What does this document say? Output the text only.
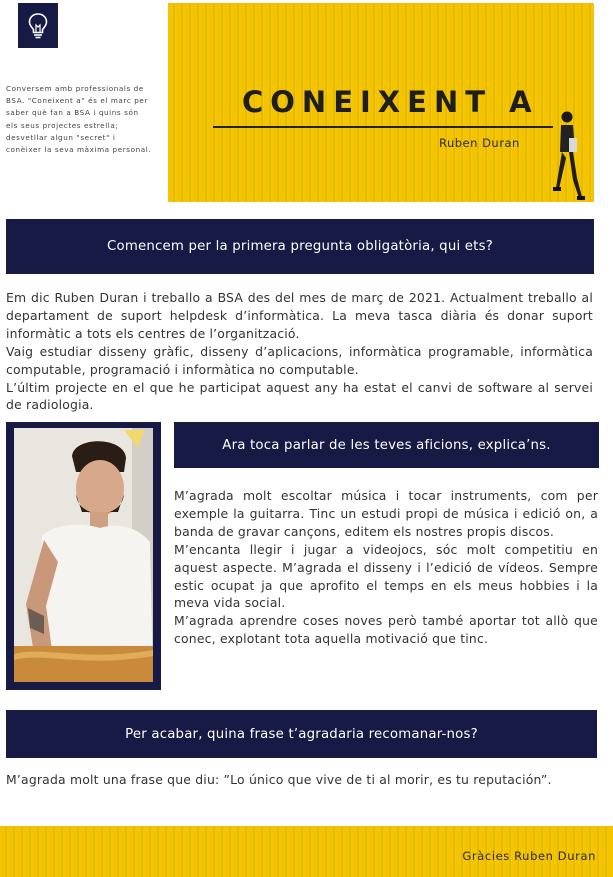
Conversem amb professionals de BSA. "Coneixent a" és el marc per saber què fan a BSA i quins són els seus projectes estrella; desvetllar algun "secret" i conèixer la seva màxima personal.
CONEIXENT A
Ruben Duran
Comencem per la primera pregunta obligatòria, qui ets?

Em dic Ruben Duran i treballo a BSA des del mes de març de 2021. Actualment treballo al departament de suport helpdesk d’informàtica. La meva tasca diària és donar suport informàtic a tots els centres de l’organització.

Vaig estudiar disseny gràfic, disseny d’aplicacions, informàtica programable, informàtica computable, programació i informàtica no computable.

L’últim projecte en el que he participat aquest any ha estat el canvi de software al servei de radiologia.

Ara toca parlar de les teves aficions, explica’ns.

M’agrada molt escoltar música i tocar instruments, com per exemple la guitarra. Tinc un estudi propi de música i edició on, a banda de gravar cançons, editem els nostres propis discos.

M’encanta llegir i jugar a videojocs, sóc molt competitiu en aquest aspecte. M’agrada el disseny i l’edició de vídeos. Sempre estic ocupat ja que aprofito el temps en els meus hobbies i la meva vida social.

M’agrada aprendre coses noves però també aportar tot allò que conec, explotant tota aquella motivació que tinc.

Per acabar, quina frase t’agradaria recomanar-nos?

M’agrada molt una frase que diu: ”Lo único que vive de ti al morir, es tu reputación”.

Gràcies Ruben Duran
